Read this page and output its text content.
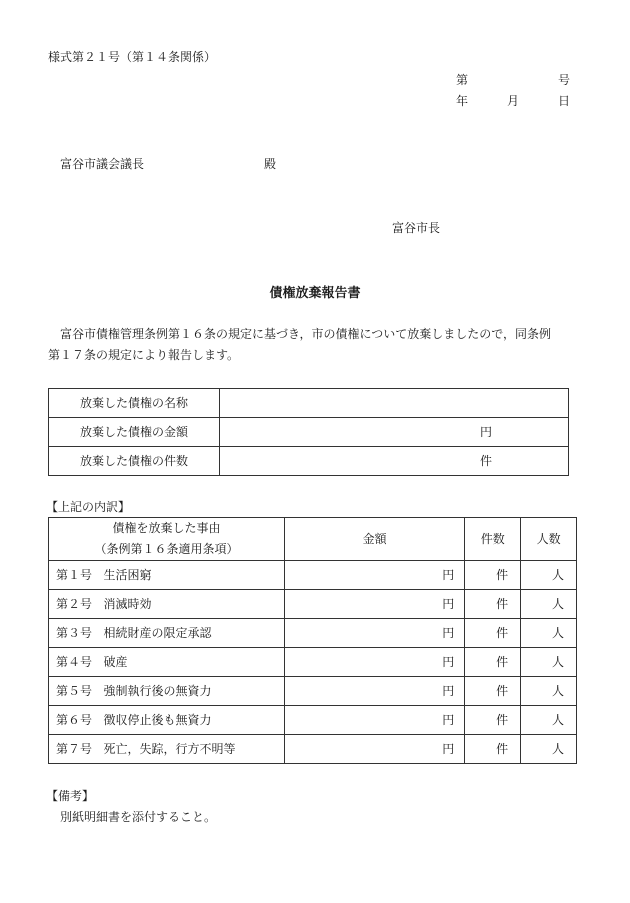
様式第２１号（第１４条関係）
第	号
年	月	日
富谷市議会議長	殿
富谷市長
債権放棄報告書
富谷市債権管理条例第１６条の規定に基づき，市の債権について放棄しましたので，同条例
第１７条の規定により報告します。
放棄した債権の名称	
放棄した債権の金額	円
放棄した債権の件数	件
【上記の内訳】
債権を放棄した事由
（条例第１６条適用条項）	金額	件数	人数
第１号 生活困窮	円	件	人
第２号 消滅時効	円	件	人
第３号 相続財産の限定承認	円	件	人
第４号 破産	円	件	人
第５号 強制執行後の無資力	円	件	人
第６号 徴収停止後も無資力	円	件	人
第７号 死亡，失踪，行方不明等	円	件	人
【備考】
別紙明細書を添付すること。
